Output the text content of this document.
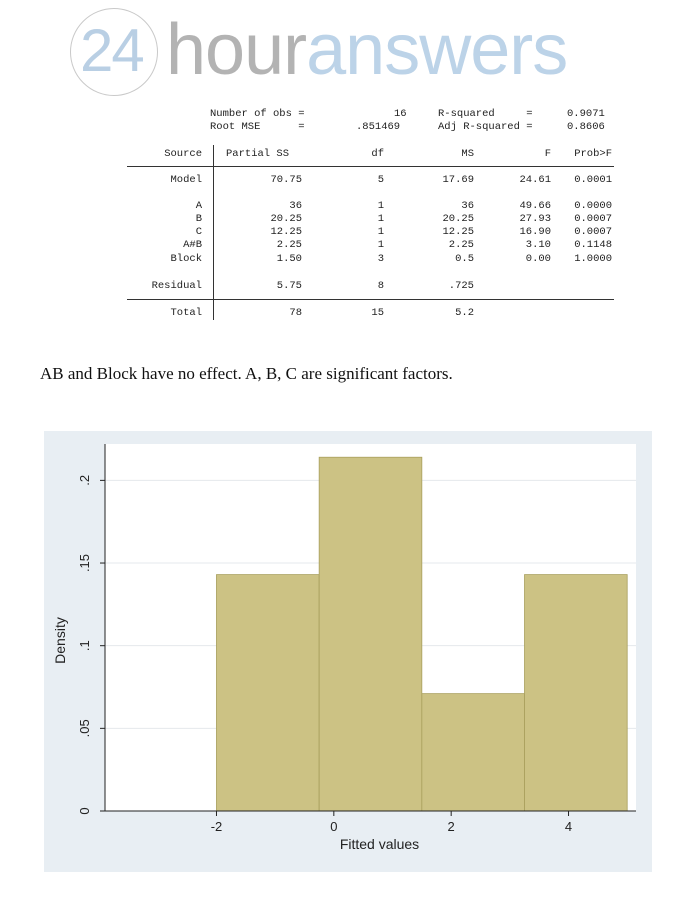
24 houranswers
Number of obs =	16
Root MSE      =	.851469
R-squared     =	0.9071
Adj R-squared =	0.8606
Source Partial SS	df	MS	F Prob>F
Model	70.75	5	17.69	24.61 0.0001
A	36	1	36	49.66 0.0000
B	20.25	1	20.25	27.93 0.0007
C	12.25	1	12.25	16.90 0.0007
A#B	2.25	1	2.25	3.10 0.1148
Block	1.50	3	0.5	0.00 1.0000
Residual	5.75	8	.725
Total	78	15	5.2
AB and Block have no effect. A, B, C are significant factors.
0
.05
.1
.15
.2
-2	0	2	4
Fitted values
Density
